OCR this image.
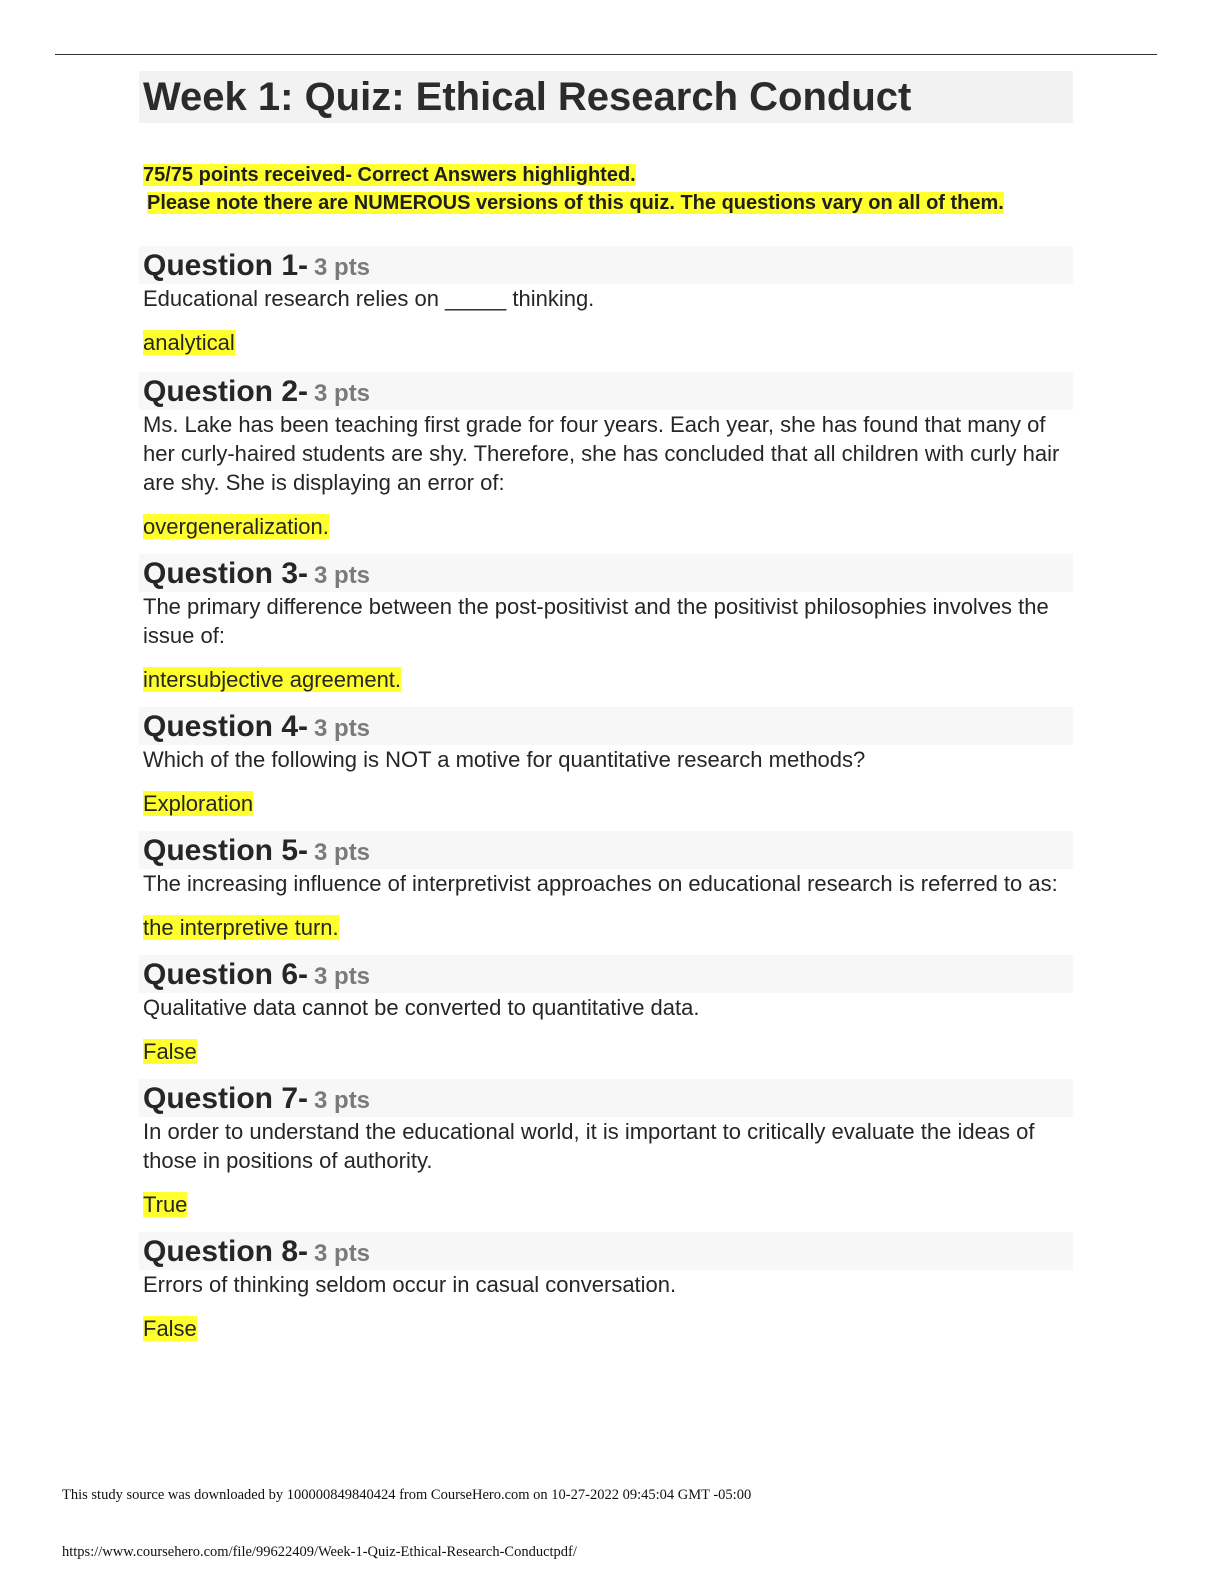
Week 1: Quiz: Ethical Research Conduct
75/75 points received- Correct Answers highlighted.
Please note there are NUMEROUS versions of this quiz. The questions vary on all of them.
Question 1- 3 pts
Educational research relies on _____ thinking.
analytical
Question 2- 3 pts
Ms. Lake has been teaching first grade for four years. Each year, she has found that many of her curly-haired students are shy. Therefore, she has concluded that all children with curly hair are shy. She is displaying an error of:
overgeneralization.
Question 3- 3 pts
The primary difference between the post-positivist and the positivist philosophies involves the issue of:
intersubjective agreement.
Question 4- 3 pts
Which of the following is NOT a motive for quantitative research methods?
Exploration
Question 5- 3 pts
The increasing influence of interpretivist approaches on educational research is referred to as:
the interpretive turn.
Question 6- 3 pts
Qualitative data cannot be converted to quantitative data.
False
Question 7- 3 pts
In order to understand the educational world, it is important to critically evaluate the ideas of those in positions of authority.
True
Question 8- 3 pts
Errors of thinking seldom occur in casual conversation.
False
This study source was downloaded by 100000849840424 from CourseHero.com on 10-27-2022 09:45:04 GMT -05:00
https://www.coursehero.com/file/99622409/Week-1-Quiz-Ethical-Research-Conductpdf/
